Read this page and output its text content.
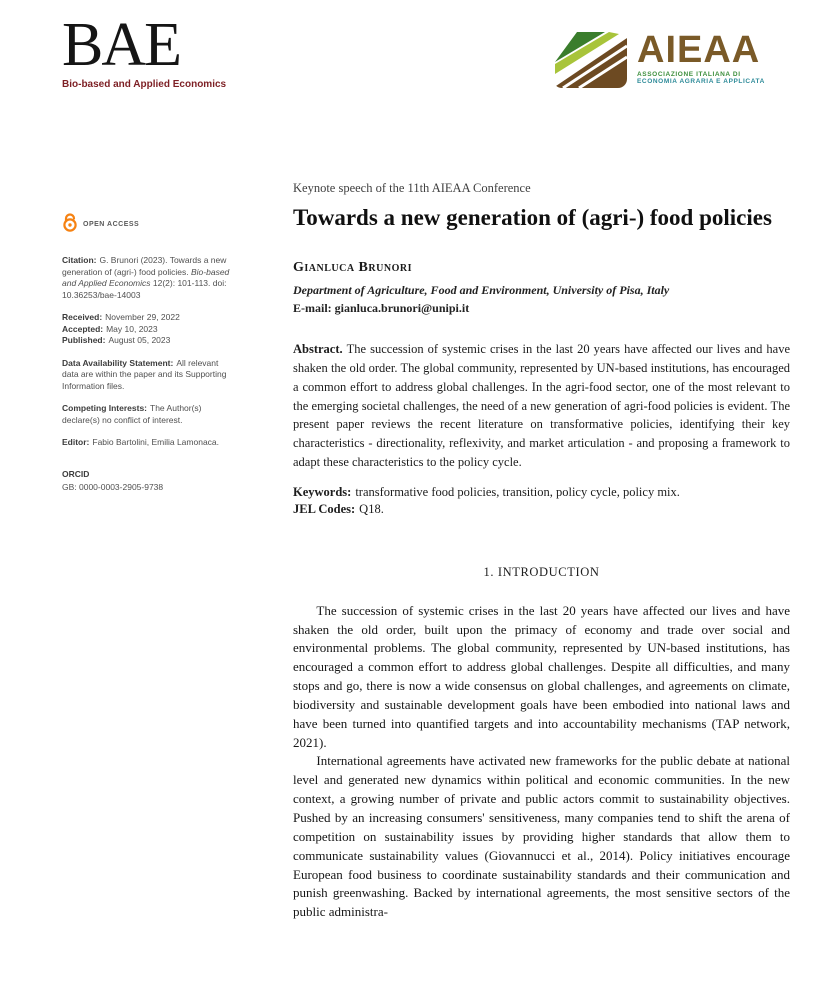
BAE
Bio-based and Applied Economics
AIEAA
ASSOCIAZIONE ITALIANA DI
ECONOMIA AGRARIA E APPLICATA
OPEN ACCESS
Citation: G. Brunori (2023). Towards a new generation of (agri-) food policies. Bio-based and Applied Economics 12(2): 101-113. doi: 10.36253/bae-14003
Received: November 29, 2022
Accepted: May 10, 2023
Published: August 05, 2023
Data Availability Statement: All relevant data are within the paper and its Supporting Information files.
Competing Interests: The Author(s) declare(s) no conflict of interest.
Editor: Fabio Bartolini, Emilia Lamonaca.
ORCID
GB: 0000-0003-2905-9738
Keynote speech of the 11th AIEAA Conference
Towards a new generation of (agri-) food policies
Gianluca Brunori
Department of Agriculture, Food and Environment, University of Pisa, Italy
E-mail: gianluca.brunori@unipi.it
Abstract. The succession of systemic crises in the last 20 years have affected our lives and have shaken the old order. The global community, represented by UN-based institutions, has encouraged a common effort to address global challenges. In the agri-food sector, one of the most relevant to the emerging societal challenges, the need of a new generation of agri-food policies is evident. The present paper reviews the recent literature on transformative policies, identifying their key characteristics - directionality, reflexivity, and market articulation - and proposing a framework to adapt these characteristics to the policy cycle.
Keywords: transformative food policies, transition, policy cycle, policy mix.
JEL Codes: Q18.
1. INTRODUCTION

The succession of systemic crises in the last 20 years have affected our lives and have shaken the old order, built upon the primacy of economy and trade over social and environmental problems. The global community, represented by UN-based institutions, has encouraged a common effort to address global challenges. Despite all difficulties, and many stops and go, there is now a wide consensus on global challenges, and agreements on climate, biodiversity and sustainable development goals have been embodied into national laws and have been turned into quantified targets and into accountability mechanisms (TAP network, 2021).

International agreements have activated new frameworks for the public debate at national level and generated new dynamics within political and economic communities. In the new context, a growing number of private and public actors commit to sustainability objectives. Pushed by an increasing consumers' sensitiveness, many companies tend to shift the arena of competition on sustainability issues by providing higher standards that allow them to communicate sustainability values (Giovannucci et al., 2014). Policy initiatives encourage European food business to coordinate sustainability standards and their communication and punish greenwashing. Backed by international agreements, the most sensitive sectors of the public administra-
